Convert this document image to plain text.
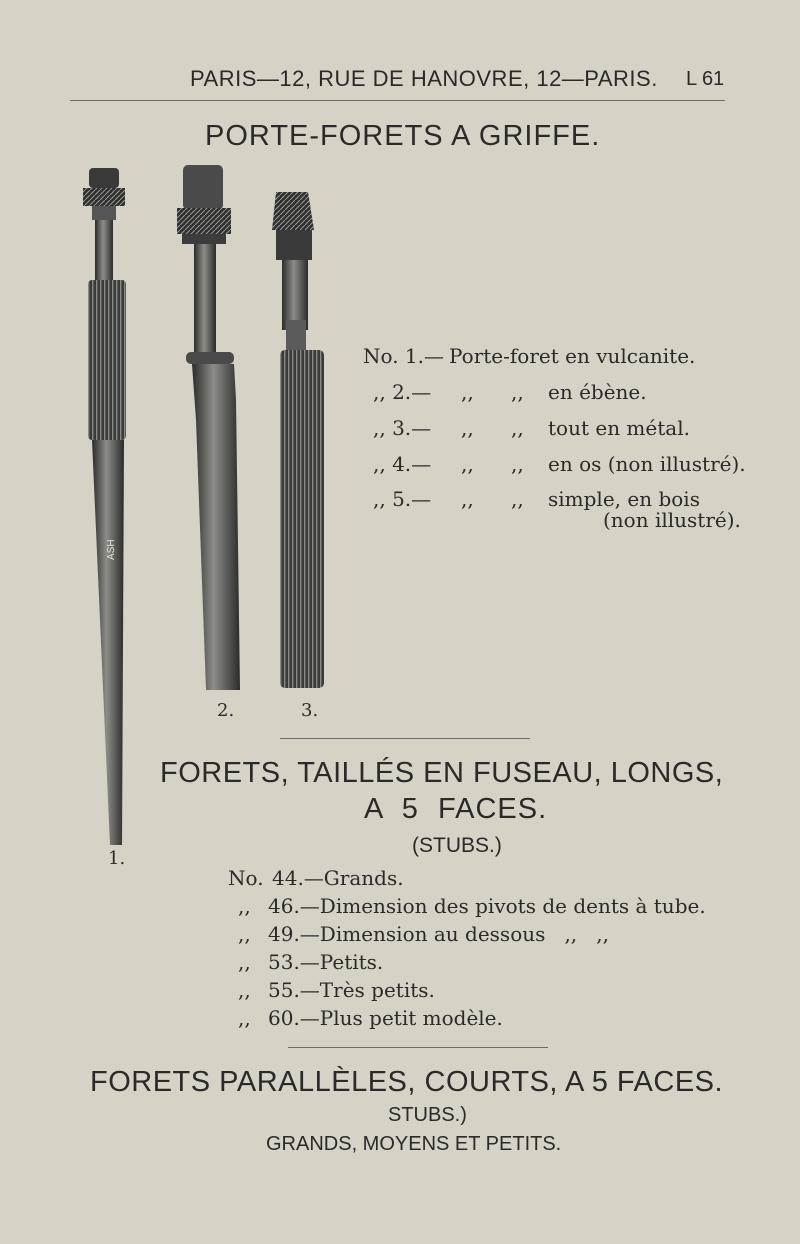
PARIS—12, RUE DE HANOVRE, 12—PARIS. L 61
PORTE-FORETS A GRIFFE.
ASH
1.
2.	3.
No. 1.— Porte-foret en vulcanite.
,, 2.— ,, ,, en ébène.
,, 3.— ,, ,, tout en métal.
,, 4.— ,, ,, en os (non illustré).
,, 5.— ,, ,, simple, en bois
(non illustré).
FORETS, TAILLÉS EN FUSEAU, LONGS,
A 5 FACES.
(STUBS.)
No. 44.—Grands.
,, 46.—Dimension des pivots de dents à tube.
,, 49.—Dimension au dessous   ,,   ,,
,, 53.—Petits.
,, 55.—Très petits.
,, 60.—Plus petit modèle.
FORETS PARALLÈLES, COURTS, A 5 FACES.
STUBS.)
GRANDS, MOYENS ET PETITS.
